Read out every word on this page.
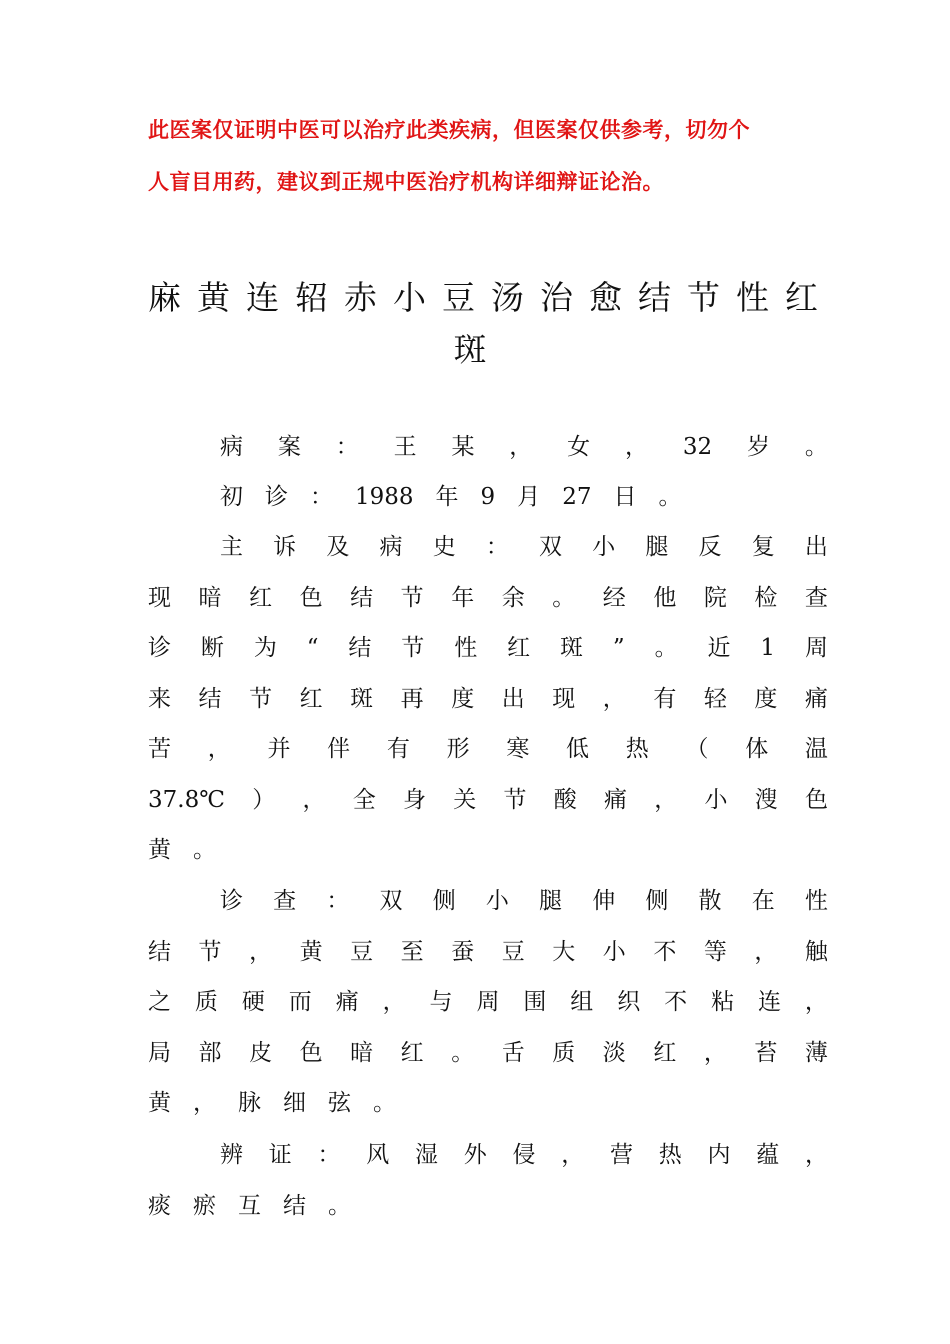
此医案仅证明中医可以治疗此类疾病，但医案仅供参考，切勿个
人盲目用药，建议到正规中医治疗机构详细辩证论治。
麻黄连轺赤小豆汤治愈结节性红
斑
病 案 ： 王 某 ， 女 ， 32 岁 。
初 诊 ： 1988 年 9 月 27 日 。
主 诉 及 病 史 ： 双 小 腿 反 复 出
现 暗 红 色 结 节 年 余 。 经 他 院 检 查
诊 断 为 “ 结 节 性 红 斑 ” 。 近 1 周
来 结 节 红 斑 再 度 出 现 ， 有 轻 度 痛
苦 ， 并 伴 有 形 寒 低 热 （ 体 温
37.8℃ ） ， 全 身 关 节 酸 痛 ， 小 溲 色
黄 。
诊 查 ： 双 侧 小 腿 伸 侧 散 在 性
结 节 ， 黄 豆 至 蚕 豆 大 小 不 等 ， 触
之 质 硬 而 痛 ， 与 周 围 组 织 不 粘 连 ，
局 部 皮 色 暗 红 。 舌 质 淡 红 ， 苔 薄
黄 ， 脉 细 弦 。
辨 证 ： 风 湿 外 侵 ， 营 热 内 蕴 ，
痰 瘀 互 结 。
